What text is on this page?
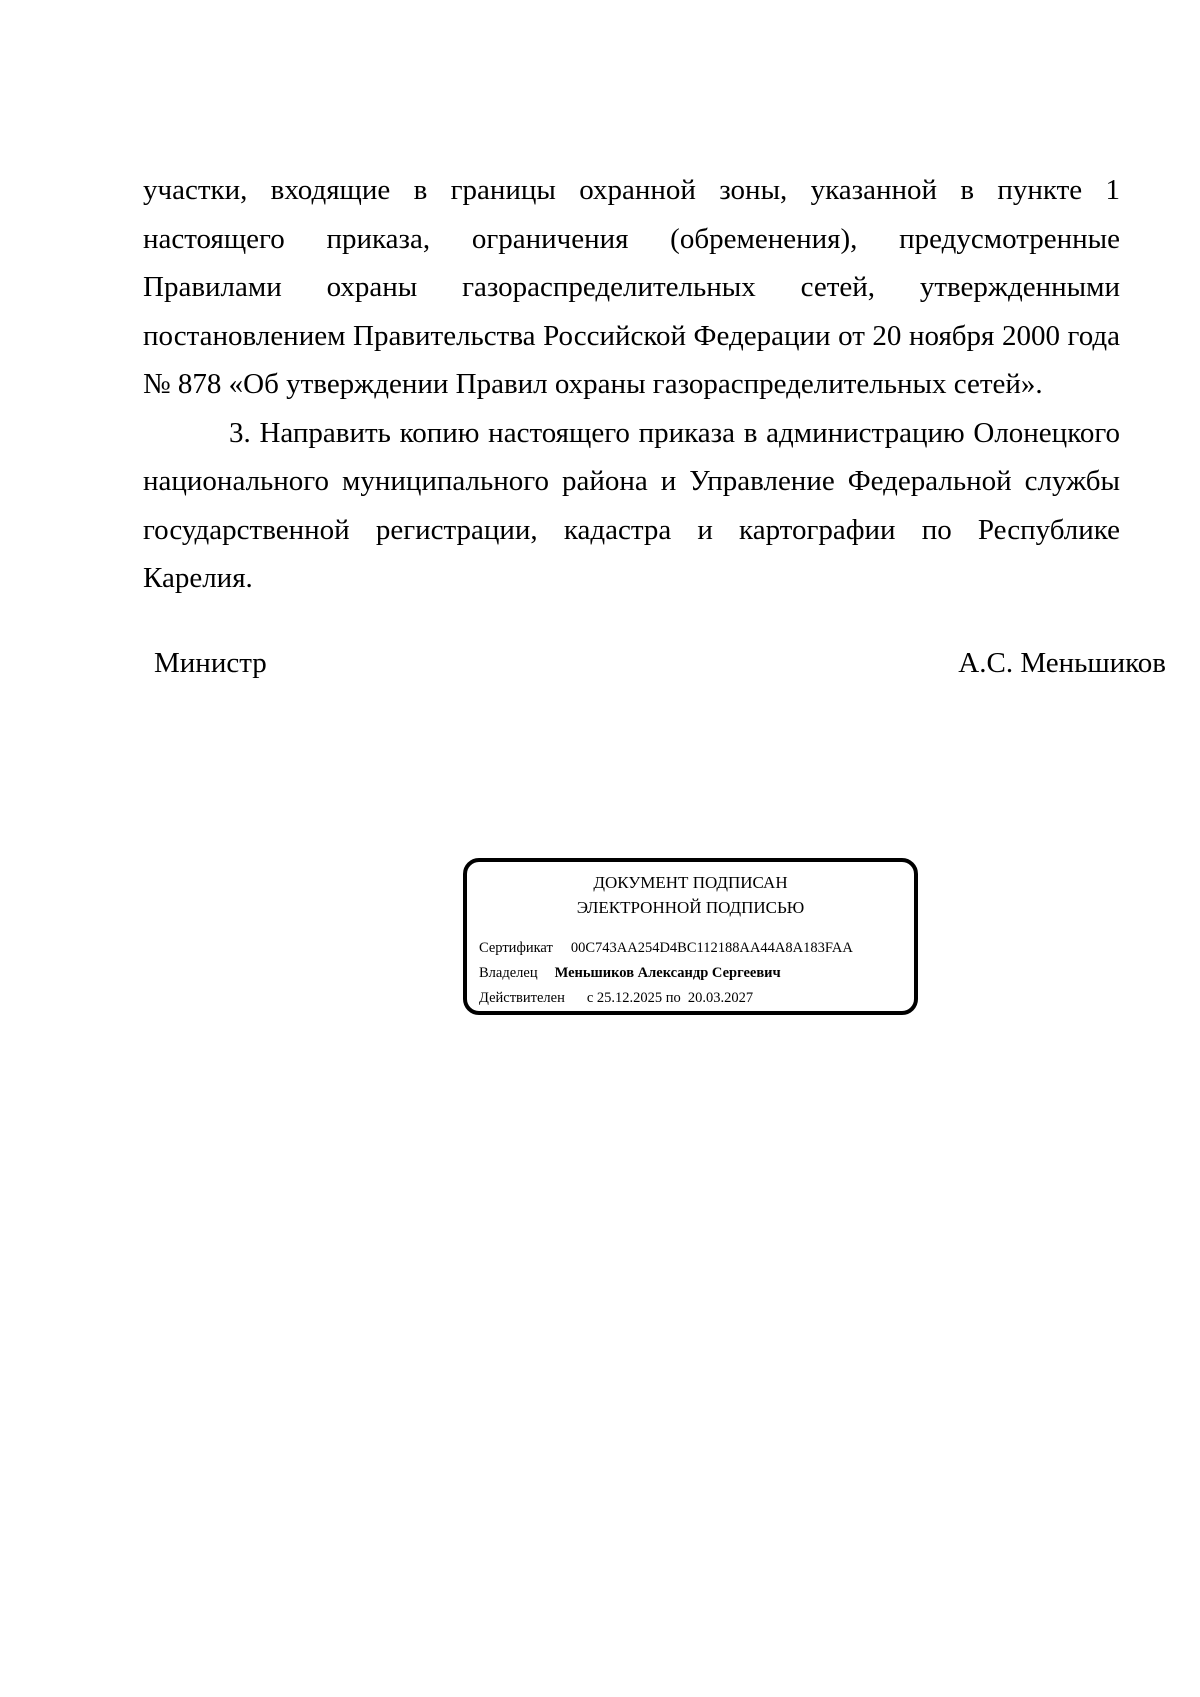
участки, входящие в границы охранной зоны, указанной в пункте 1 настоящего приказа, ограничения (обременения), предусмотренные Правилами охраны газораспределительных сетей, утвержденными постановлением Правительства Российской Федерации от 20 ноября 2000 года № 878 «Об утверждении Правил охраны газораспределительных сетей».

3. Направить копию настоящего приказа в администрацию Олонецкого национального муниципального района и Управление Федеральной службы государственной регистрации, кадастра и картографии по Республике Карелия.

Министр	А.С. Меньшиков
ДОКУМЕНТ ПОДПИСАН
ЭЛЕКТРОННОЙ ПОДПИСЬЮ
Сертификат 00C743AA254D4BC112188AA44A8A183FAA
Владелец Меньшиков Александр Сергеевич
Действителен с 25.12.2025 по 20.03.2027
